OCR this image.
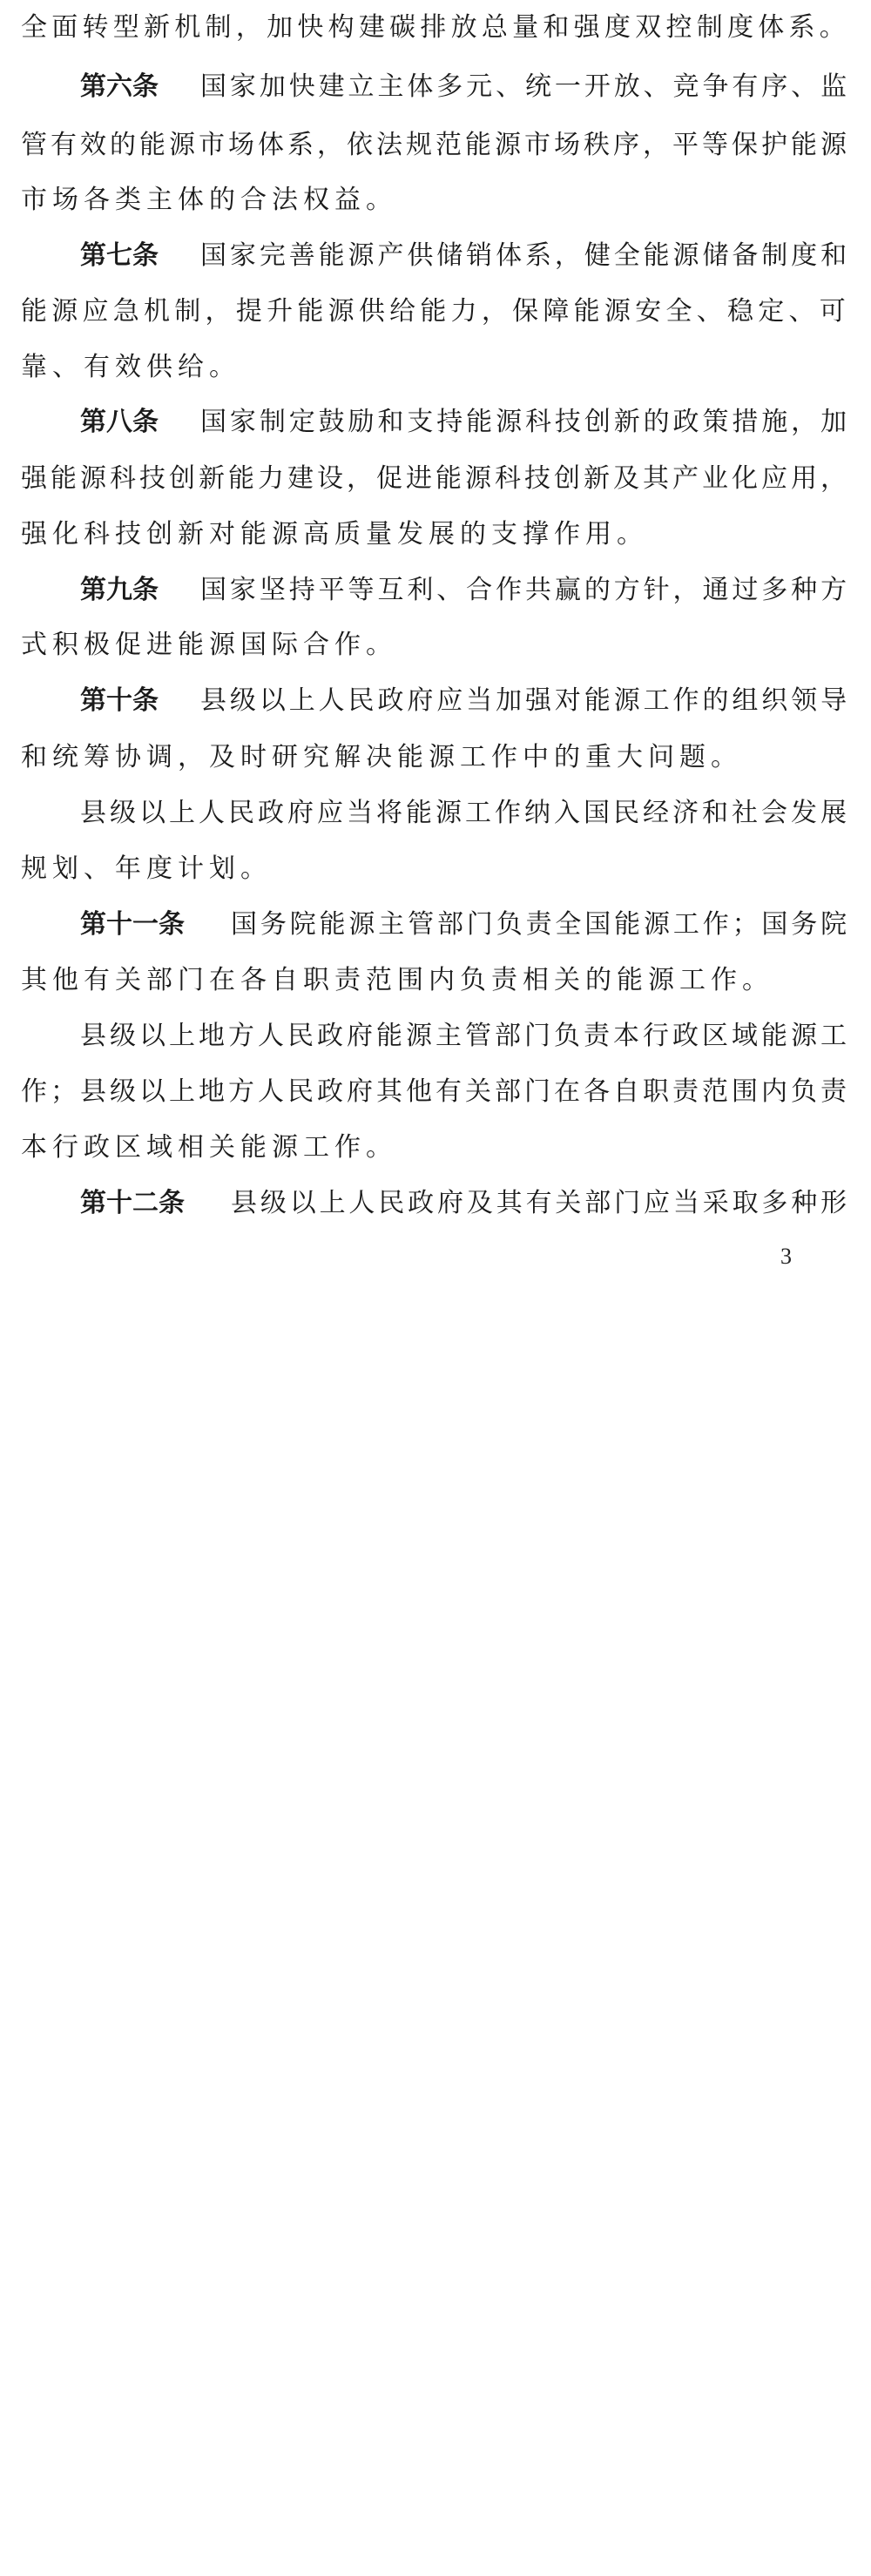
全面转型新机制，加快构建碳排放总量和强度双控制度体系。
第六条 国家加快建立主体多元、统一开放、竞争有序、监
管有效的能源市场体系，依法规范能源市场秩序，平等保护能源
市场各类主体的合法权益。
第七条 国家完善能源产供储销体系，健全能源储备制度和
能源应急机制，提升能源供给能力，保障能源安全、稳定、可
靠、有效供给。
第八条 国家制定鼓励和支持能源科技创新的政策措施，加
强能源科技创新能力建设，促进能源科技创新及其产业化应用，
强化科技创新对能源高质量发展的支撑作用。
第九条 国家坚持平等互利、合作共赢的方针，通过多种方
式积极促进能源国际合作。
第十条 县级以上人民政府应当加强对能源工作的组织领导
和统筹协调，及时研究解决能源工作中的重大问题。
县级以上人民政府应当将能源工作纳入国民经济和社会发展
规划、年度计划。
第十一条 国务院能源主管部门负责全国能源工作；国务院
其他有关部门在各自职责范围内负责相关的能源工作。
县级以上地方人民政府能源主管部门负责本行政区域能源工
作；县级以上地方人民政府其他有关部门在各自职责范围内负责
本行政区域相关能源工作。
第十二条 县级以上人民政府及其有关部门应当采取多种形
3
